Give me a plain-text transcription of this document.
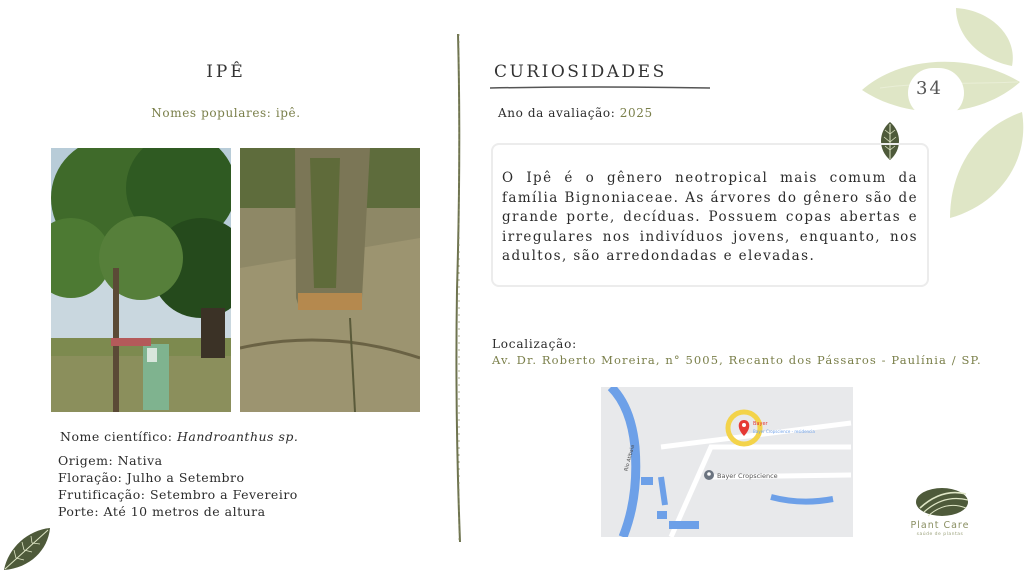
34
IPÊ
Nomes populares: ipê.
Nome científico: Handroanthus sp.
Origem: Nativa
Floração: Julho a Setembro
Frutificação: Setembro a Fevereiro
Porte: Até 10 metros de altura
CURIOSIDADES
Ano da avaliação: 2025
O Ipê é o gênero neotropical mais comum da família Bignoniaceae. As árvores do gênero são de grande porte, decíduas. Possuem copas abertas e irregulares nos indivíduos jovens, enquanto, nos adultos, são arredondadas e elevadas.
Localização:
Av. Dr. Roberto Moreira, n° 5005, Recanto dos Pássaros - Paulínia / SP.
Bayer
Bayer Cropscience - residencia
Bayer Cropscience
Rio Atibaia
Plant Care
saúde de plantas
